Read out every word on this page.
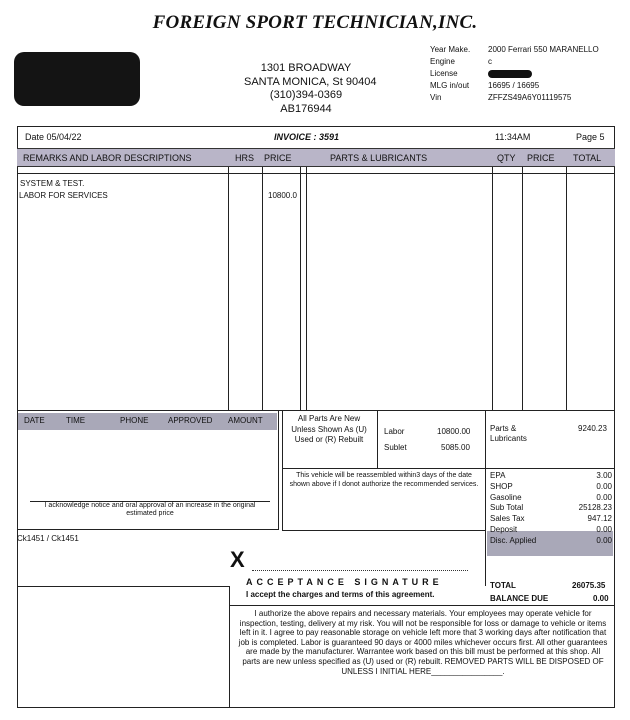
FOREIGN SPORT TECHNICIAN,INC.
1301 BROADWAY
SANTA MONICA, St 90404
(310)394-0369
AB176944
Year Make.	2000 Ferrari 550 MARANELLO
Engine	c
License
MLG in/out	16695 / 16695
Vin	ZFFZS49A6Y01119575
Date 05/04/22	INVOICE : 3591	11:34AM	Page 5
REMARKS AND LABOR DESCRIPTIONS	HRS PRICE	PARTS & LUBRICANTS	QTY PRICE TOTAL
SYSTEM & TEST.
LABOR FOR SERVICES	10800.0
DATE	TIME	PHONE APPROVED AMOUNT
I acknowledge notice and oral approval of an increase in the original estimated price
All Parts Are New Unless Shown As (U) Used or (R) Rebuilt
Labor	10800.00
Sublet	5085.00
Parts & Lubricants
9240.23
This vehicle will be reassembled within3 days of the date shown above if I donot authorize the recommended services.
EPA	3.00
SHOP	0.00
Gasoline	0.00
Sub Total	25128.23
Sales Tax	947.12
Deposit	0.00
Disc. Applied	0.00
Ck1451 / Ck1451
X
ACCEPTANCE SIGNATURE
I accept the charges and terms of this agreement.
TOTAL	26075.35
BALANCE DUE	0.00
I authorize the above repairs and necessary materials. Your employees may operate vehicle for inspection, testing, delivery at my risk. You will not be responsible for loss or damage to vehicle or items left in it. I agree to pay reasonable storage on vehicle left more that 3 working days after notification that job is completed. Labor is guaranteed 90 days or 4000 miles whichever occurs first. All other guarantees are made by the manufacturer. Warrantee work based on this bill must be performed at this shop. All parts are new unless specified as (U) used or (R) rebuilt. REMOVED PARTS WILL BE DISPOSED OF UNLESS I INITIAL HERE________________.
